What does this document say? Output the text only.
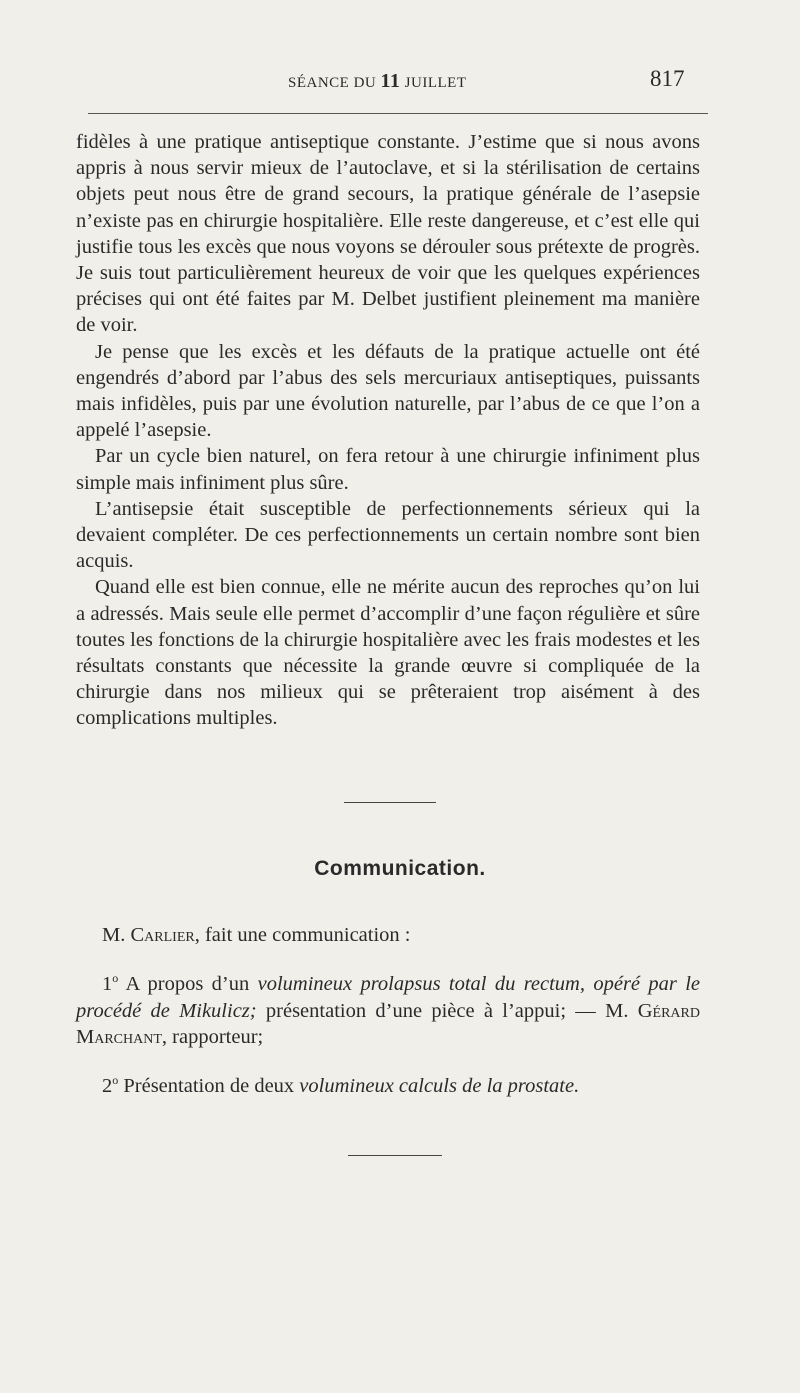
SÉANCE DU 11 JUILLET	817

fidèles à une pratique antiseptique constante. J’estime que si nous avons appris à nous servir mieux de l’autoclave, et si la stérilisation de certains objets peut nous être de grand secours, la pratique générale de l’asepsie n’existe pas en chirurgie hospitalière. Elle reste dangereuse, et c’est elle qui justifie tous les excès que nous voyons se dérouler sous prétexte de progrès. Je suis tout particulièrement heureux de voir que les quelques expériences précises qui ont été faites par M. Delbet justifient pleinement ma manière de voir.

Je pense que les excès et les défauts de la pratique actuelle ont été engendrés d’abord par l’abus des sels mercuriaux antiseptiques, puissants mais infidèles, puis par une évolution naturelle, par l’abus de ce que l’on a appelé l’asepsie.

Par un cycle bien naturel, on fera retour à une chirurgie infiniment plus simple mais infiniment plus sûre.

L’antisepsie était susceptible de perfectionnements sérieux qui la devaient compléter. De ces perfectionnements un certain nombre sont bien acquis.

Quand elle est bien connue, elle ne mérite aucun des reproches qu’on lui a adressés. Mais seule elle permet d’accomplir d’une façon régulière et sûre toutes les fonctions de la chirurgie hospitalière avec les frais modestes et les résultats constants que nécessite la grande œuvre si compliquée de la chirurgie dans nos milieux qui se prêteraient trop aisément à des complications multiples.

Communication.

M. Carlier, fait une communication :

1$^o$ A propos d’un volumineux prolapsus total du rectum, opéré par le procédé de Mikulicz; présentation d’une pièce à l’appui; — M. Gérard Marchant, rapporteur;

2$^o$ Présentation de deux volumineux calculs de la prostate.
